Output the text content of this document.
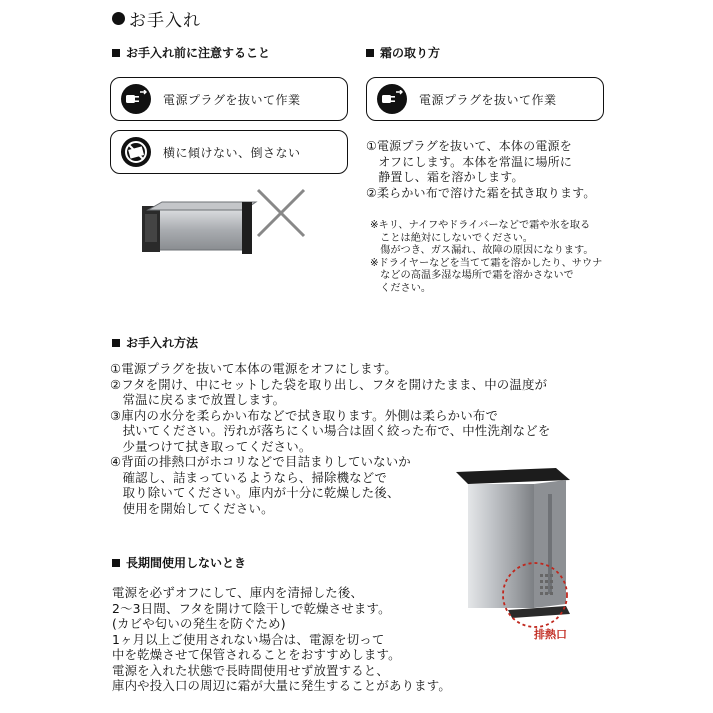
お手入れ
お手入れ前に注意すること
電源プラグを抜いて作業
横に傾けない、倒さない
霜の取り方
電源プラグを抜いて作業
①電源プラグを抜いて、本体の電源を
　オフにします。本体を常温に場所に
　静置し、霜を溶かします。
②柔らかい布で溶けた霜を拭き取ります。
※キリ、ナイフやドライバーなどで霜や氷を取る
　ことは絶対にしないでください。
　傷がつき、ガス漏れ、故障の原因になります。
※ドライヤーなどを当てて霜を溶かしたり、サウナ
　などの高温多湿な場所で霜を溶かさないで
　ください。
お手入れ方法
①電源プラグを抜いて本体の電源をオフにします。
②フタを開け、中にセットした袋を取り出し、フタを開けたまま、中の温度が
　常温に戻るまで放置します。
③庫内の水分を柔らかい布などで拭き取ります。外側は柔らかい布で
　拭いてください。汚れが落ちにくい場合は固く絞った布で、中性洗剤などを
　少量つけて拭き取ってください。
④背面の排熱口がホコリなどで目詰まりしていないか
　確認し、詰まっているようなら、掃除機などで
　取り除いてください。庫内が十分に乾燥した後、
　使用を開始してください。
排熱口
長期間使用しないとき
電源を必ずオフにして、庫内を清掃した後、
2～3日間、フタを開けて陰干しで乾燥させます。
(カビや匂いの発生を防ぐため)
1ヶ月以上ご使用されない場合は、電源を切って
中を乾燥させて保管されることをおすすめします。
電源を入れた状態で長時間使用せず放置すると、
庫内や投入口の周辺に霜が大量に発生することがあります。
